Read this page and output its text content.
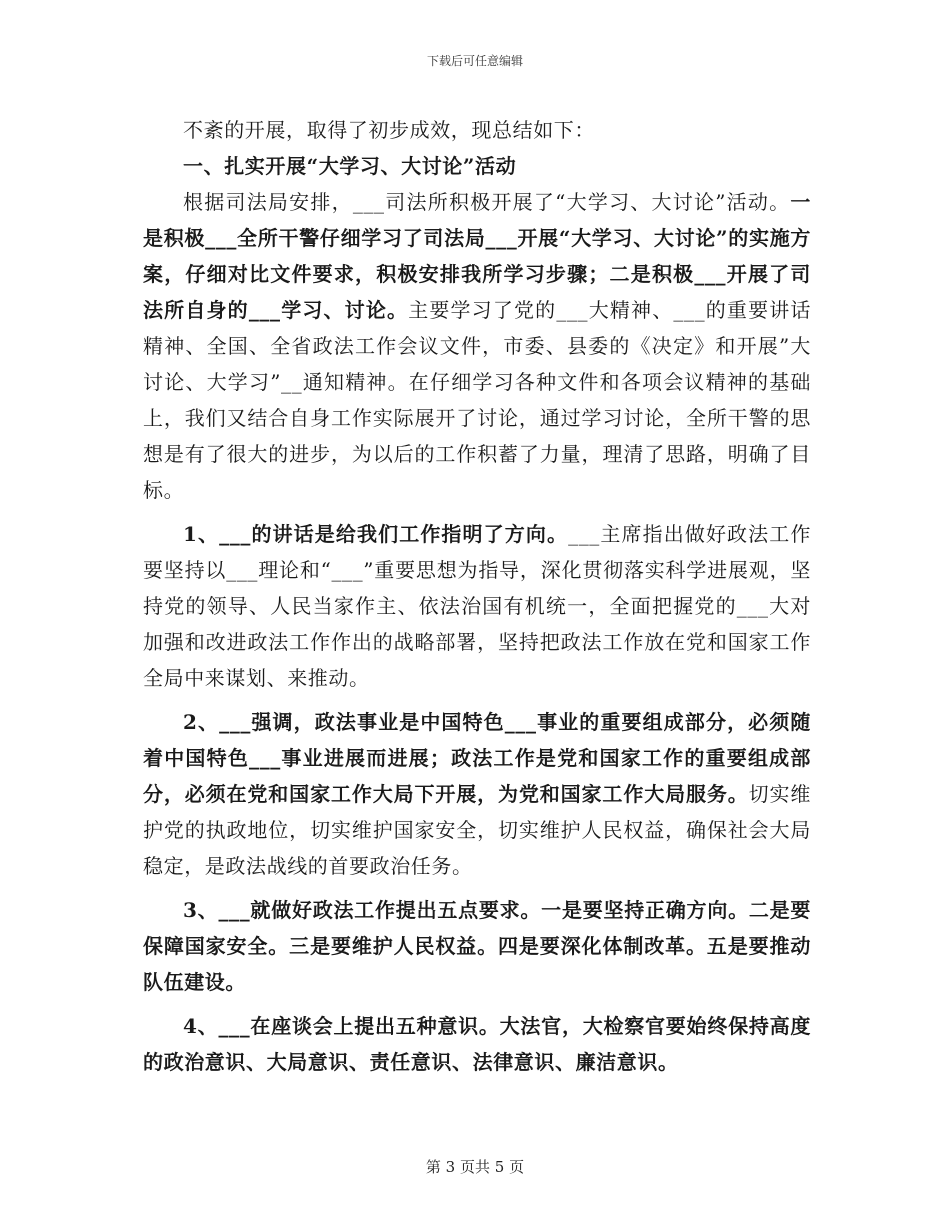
下载后可任意编辑

不紊的开展，取得了初步成效，现总结如下：

一、扎实开展“大学习、大讨论”活动

根据司法局安排，___司法所积极开展了“大学习、大讨论”活动。一是积极___全所干警仔细学习了司法局___开展“大学习、大讨论”的实施方案，仔细对比文件要求，积极安排我所学习步骤；二是积极___开展了司法所自身的___学习、讨论。主要学习了党的___大精神、___的重要讲话精神、全国、全省政法工作会议文件，市委、县委的《决定》和开展”大讨论、大学习”__通知精神。在仔细学习各种文件和各项会议精神的基础上，我们又结合自身工作实际展开了讨论，通过学习讨论，全所干警的思想是有了很大的进步，为以后的工作积蓄了力量，理清了思路，明确了目标。

1、___的讲话是给我们工作指明了方向。___主席指出做好政法工作要坚持以___理论和“___”重要思想为指导，深化贯彻落实科学进展观，坚持党的领导、人民当家作主、依法治国有机统一，全面把握党的___大对加强和改进政法工作作出的战略部署，坚持把政法工作放在党和国家工作全局中来谋划、来推动。

2、___强调，政法事业是中国特色___事业的重要组成部分，必须随着中国特色___事业进展而进展；政法工作是党和国家工作的重要组成部分，必须在党和国家工作大局下开展，为党和国家工作大局服务。切实维护党的执政地位，切实维护国家安全，切实维护人民权益，确保社会大局稳定，是政法战线的首要政治任务。

3、___就做好政法工作提出五点要求。一是要坚持正确方向。二是要保障国家安全。三是要维护人民权益。四是要深化体制改革。五是要推动队伍建设。

4、___在座谈会上提出五种意识。大法官，大检察官要始终保持高度的政治意识、大局意识、责任意识、法律意识、廉洁意识。

第 3 页共 5 页
